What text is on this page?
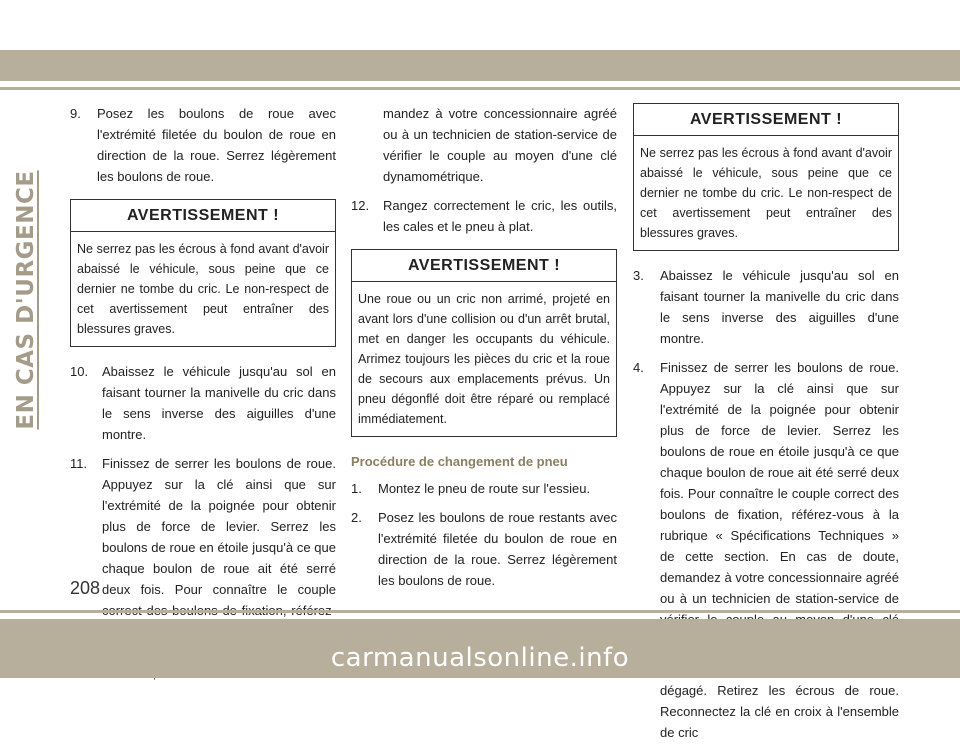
EN CAS D'URGENCE
9. Posez les boulons de roue avec l'extrémité filetée du boulon de roue en direction de la roue. Serrez légèrement les boulons de roue.
AVERTISSEMENT !
Ne serrez pas les écrous à fond avant d'avoir abaissé le véhicule, sous peine que ce dernier ne tombe du cric. Le non-respect de cet avertissement peut entraîner des blessures graves.
10. Abaissez le véhicule jusqu'au sol en faisant tourner la manivelle du cric dans le sens inverse des aiguilles d'une montre.
11. Finissez de serrer les boulons de roue. Appuyez sur la clé ainsi que sur l'extrémité de la poignée pour obtenir plus de force de levier. Serrez les boulons de roue en étoile jusqu'à ce que chaque boulon de roue ait été serré deux fois. Pour connaître le couple
mandez à votre concessionnaire agréé ou à un technicien de station-service de vérifier le couple au moyen d'une clé dynamométrique.
12. Rangez correctement le cric, les outils, les cales et le pneu à plat.
AVERTISSEMENT !
Une roue ou un cric non arrimé, projeté en avant lors d'une collision ou d'un arrêt brutal, met en danger les occupants du véhicule. Arrimez toujours les pièces du cric et la roue de secours aux emplacements prévus. Un pneu dégonflé doit être réparé ou remplacé immédiatement.
Procédure de changement de pneu
1. Montez le pneu de route sur l'essieu.
2. Posez les boulons de roue restants avec l'extrémité filetée du boulon de roue en direction de la roue. Serrez légèrement les boulons de roue.
AVERTISSEMENT !
Ne serrez pas les écrous à fond avant d'avoir abaissé le véhicule, sous peine que ce dernier ne tombe du cric. Le non-respect de cet avertissement peut entraîner des blessures graves.
3. Abaissez le véhicule jusqu'au sol en faisant tourner la manivelle du cric dans le sens inverse des aiguilles d'une montre.
4. Finissez de serrer les boulons de roue. Appuyez sur la clé ainsi que sur l'extrémité de la poignée pour obtenir plus de force de levier. Serrez les boulons de roue en étoile jusqu'à ce que chaque boulon de roue ait été serré deux fois. Pour connaître le couple correct des boulons de fixation, référez-vous à la rubrique « Spécifications Techniques » de cette section. En cas de doute, demandez à votre concessionnaire agréé ou à un technicien de station-service de
dégagé. Retirez les écrous de roue. Reconnectez la clé en croix à l'ensemble de cric
208
carmanualsonline.info
